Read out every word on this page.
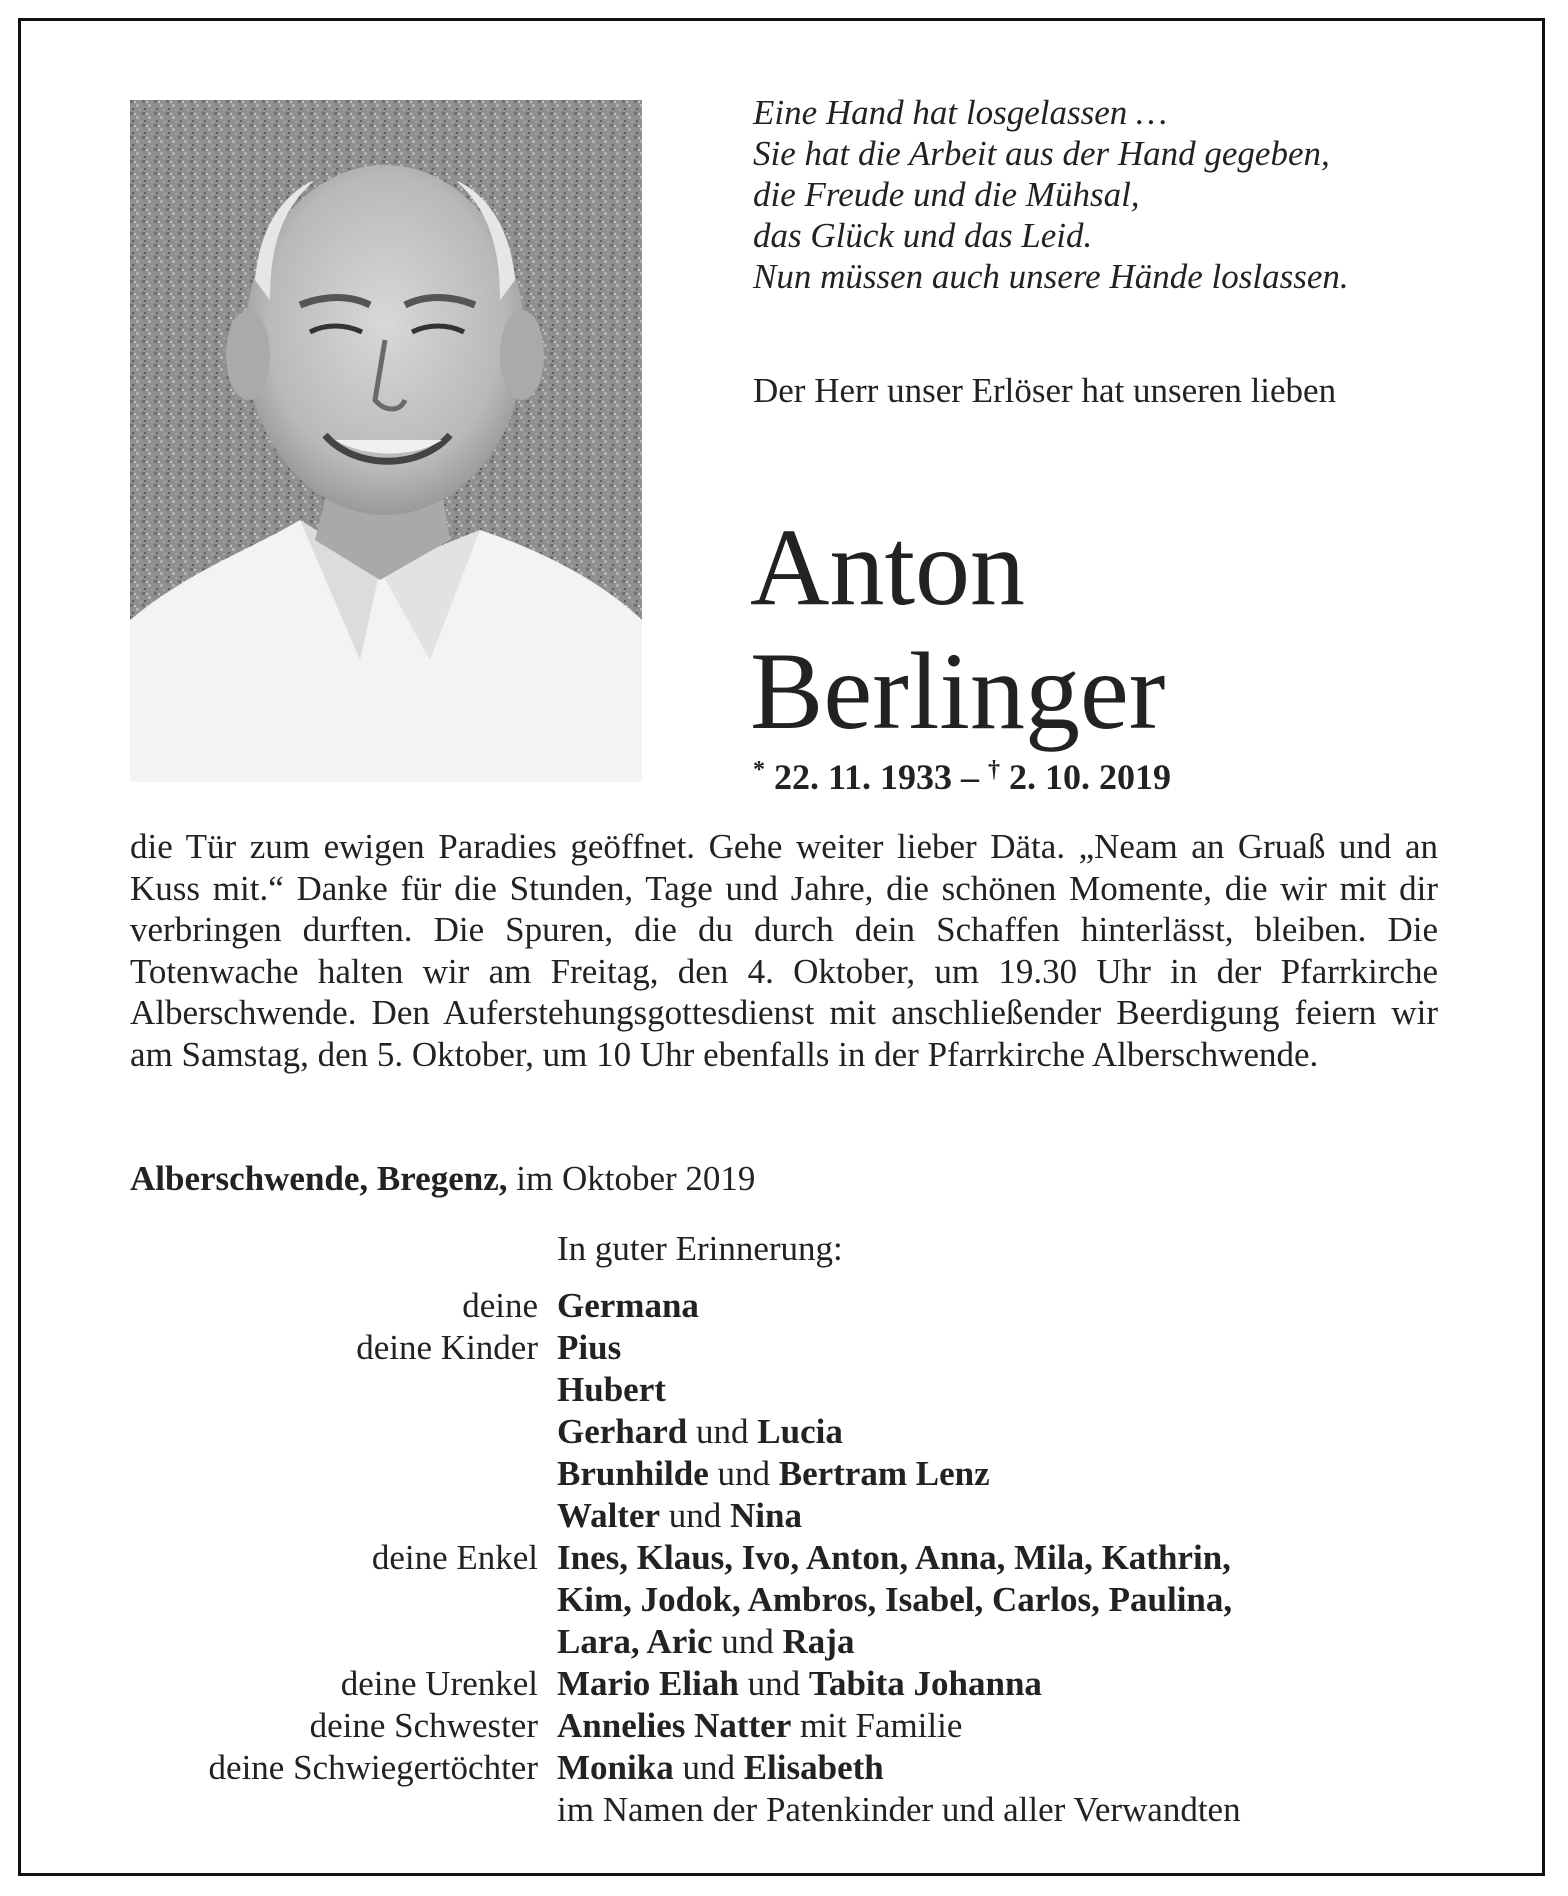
Eine Hand hat losgelassen …
Sie hat die Arbeit aus der Hand gegeben,
die Freude und die Mühsal,
das Glück und das Leid.
Nun müssen auch unsere Hände loslassen.
Der Herr unser Erlöser hat unseren lieben
Anton
Berlinger
* 22. 11. 1933 – † 2. 10. 2019
die Tür zum ewigen Paradies geöffnet. Gehe weiter lieber Däta. „Neam an Gruaß und an Kuss mit.“ Danke für die Stunden, Tage und Jahre, die schönen Momente, die wir mit dir verbringen durften. Die Spuren, die du durch dein Schaffen hinterlässt, bleiben. Die Totenwache halten wir am Freitag, den 4. Oktober, um 19.30 Uhr in der Pfarrkirche Alberschwende. Den Auferstehungsgottesdienst mit anschließender Beerdigung feiern wir am Samstag, den 5. Oktober, um 10 Uhr ebenfalls in der Pfarrkirche Alberschwende.
Alberschwende, Bregenz, im Oktober 2019
In guter Erinnerung:
deine Germana
deine Kinder Pius
Hubert
Gerhard und Lucia
Brunhilde und Bertram Lenz
Walter und Nina
deine Enkel Ines, Klaus, Ivo, Anton, Anna, Mila, Kathrin,
Kim, Jodok, Ambros, Isabel, Carlos, Paulina,
Lara, Aric und Raja
deine Urenkel Mario Eliah und Tabita Johanna
deine Schwester Annelies Natter mit Familie
deine Schwiegertöchter Monika und Elisabeth
im Namen der Patenkinder und aller Verwandten
